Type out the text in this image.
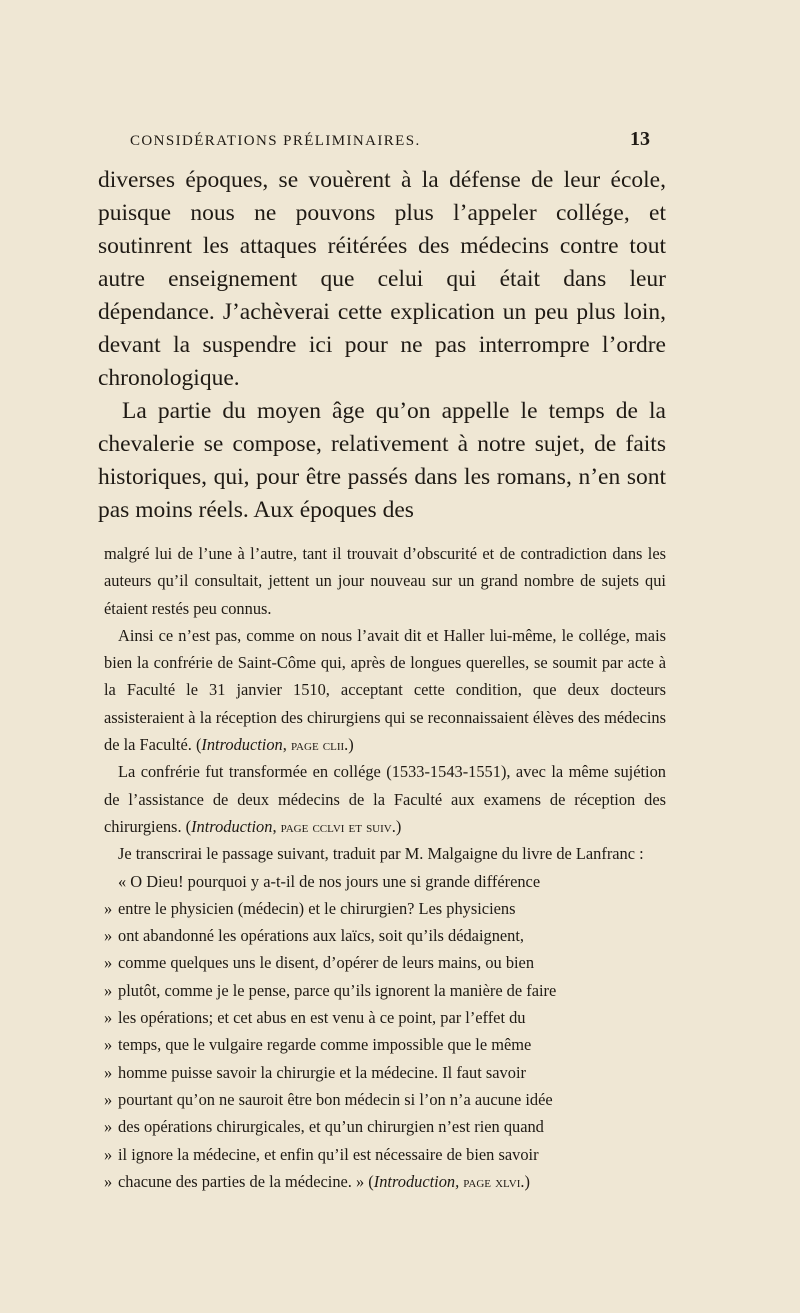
CONSIDÉRATIONS PRÉLIMINAIRES.	13

diverses époques, se vouèrent à la défense de leur école, puisque nous ne pouvons plus l’appeler collége, et soutinrent les attaques réitérées des médecins contre tout autre enseignement que celui qui était dans leur dépendance. J’achèverai cette explication un peu plus loin, devant la suspendre ici pour ne pas interrompre l’ordre chronologique.

La partie du moyen âge qu’on appelle le temps de la chevalerie se compose, relativement à notre sujet, de faits historiques, qui, pour être passés dans les romans, n’en sont pas moins réels. Aux époques des

malgré lui de l’une à l’autre, tant il trouvait d’obscurité et de contradiction dans les auteurs qu’il consultait, jettent un jour nouveau sur un grand nombre de sujets qui étaient restés peu connus.

Ainsi ce n’est pas, comme on nous l’avait dit et Haller lui-même, le collége, mais bien la confrérie de Saint-Côme qui, après de longues querelles, se soumit par acte à la Faculté le 31 janvier 1510, acceptant cette condition, que deux docteurs assisteraient à la réception des chirurgiens qui se reconnaissaient élèves des médecins de la Faculté. (Introduction, page clii.)

La confrérie fut transformée en collége (1533-1543-1551), avec la même sujétion de l’assistance de deux médecins de la Faculté aux examens de réception des chirurgiens. (Introduction, page cclvi et suiv.)

Je transcrirai le passage suivant, traduit par M. Malgaigne du livre de Lanfranc :

« O Dieu! pourquoi y a-t-il de nos jours une si grande différence

» entre le physicien (médecin) et le chirurgien? Les physiciens

» ont abandonné les opérations aux laïcs, soit qu’ils dédaignent,

» comme quelques uns le disent, d’opérer de leurs mains, ou bien

» plutôt, comme je le pense, parce qu’ils ignorent la manière de faire

» les opérations; et cet abus en est venu à ce point, par l’effet du

» temps, que le vulgaire regarde comme impossible que le même

» homme puisse savoir la chirurgie et la médecine. Il faut savoir

» pourtant qu’on ne sauroit être bon médecin si l’on n’a aucune idée

» des opérations chirurgicales, et qu’un chirurgien n’est rien quand

» il ignore la médecine, et enfin qu’il est nécessaire de bien savoir

» chacune des parties de la médecine. » (Introduction, page xlvi.)
